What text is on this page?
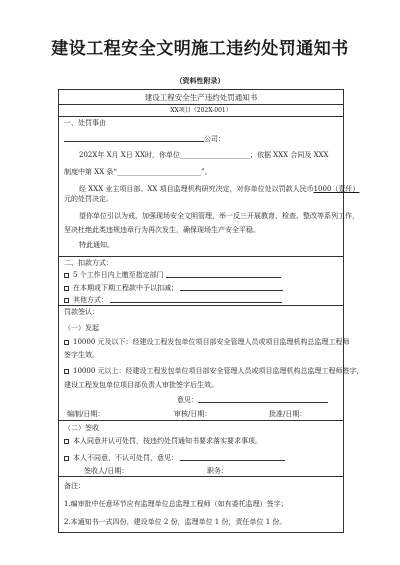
建设工程安全文明施工违约处罚通知书
（资料性附录）
建设工程安全生产违约处罚通知书
XX项目（202X-001）
一、处罚事由
公司：
202X年 X月 X日 XX时，你单位____________________；依据 XXX 合同及 XXX
制度中第 XX 条“________________________”。
经 XXX 业主项目部、XX 项目监理机构研究决定，对你单位处以罚款人民币1000（壹仟）
元的处罚决定。
望你单位引以为戒，加强现场安全文明管理，举一反三开展教育、检查、整改等系列工作，
坚决杜绝此类违规违章行为再次发生，确保现场生产安全平稳。
特此通知。
二、扣款方式：
5 个工作日内上缴至指定部门
在本期或下期工程款中予以扣减；
其他方式：
罚款签认：
（一）发起
10000 元及以下：经建设工程发包单位项目部安全管理人员或项目监理机构总监理工程师
签字生效。
10000 元以上：经建设工程发包单位项目部安全管理人员或项目监理机构总监理工程师签字，
建设工程发包单位项目部负责人审批签字后生效。
意见：
编制/日期：	审核/日期：	批准/日期：
（二）签收
本人同意并认可处罚，按违约处罚通知书要求落实要求事项。
本人不同意，不认可处罚，意见：
签收人/日期：	职务：
备注：
1.编审批中任意环节应有监理单位总监理工程师（如有委托监理）签字；
2.本通知书一式四份，建设单位 2 份，监理单位 1 份，责任单位 1 份。
